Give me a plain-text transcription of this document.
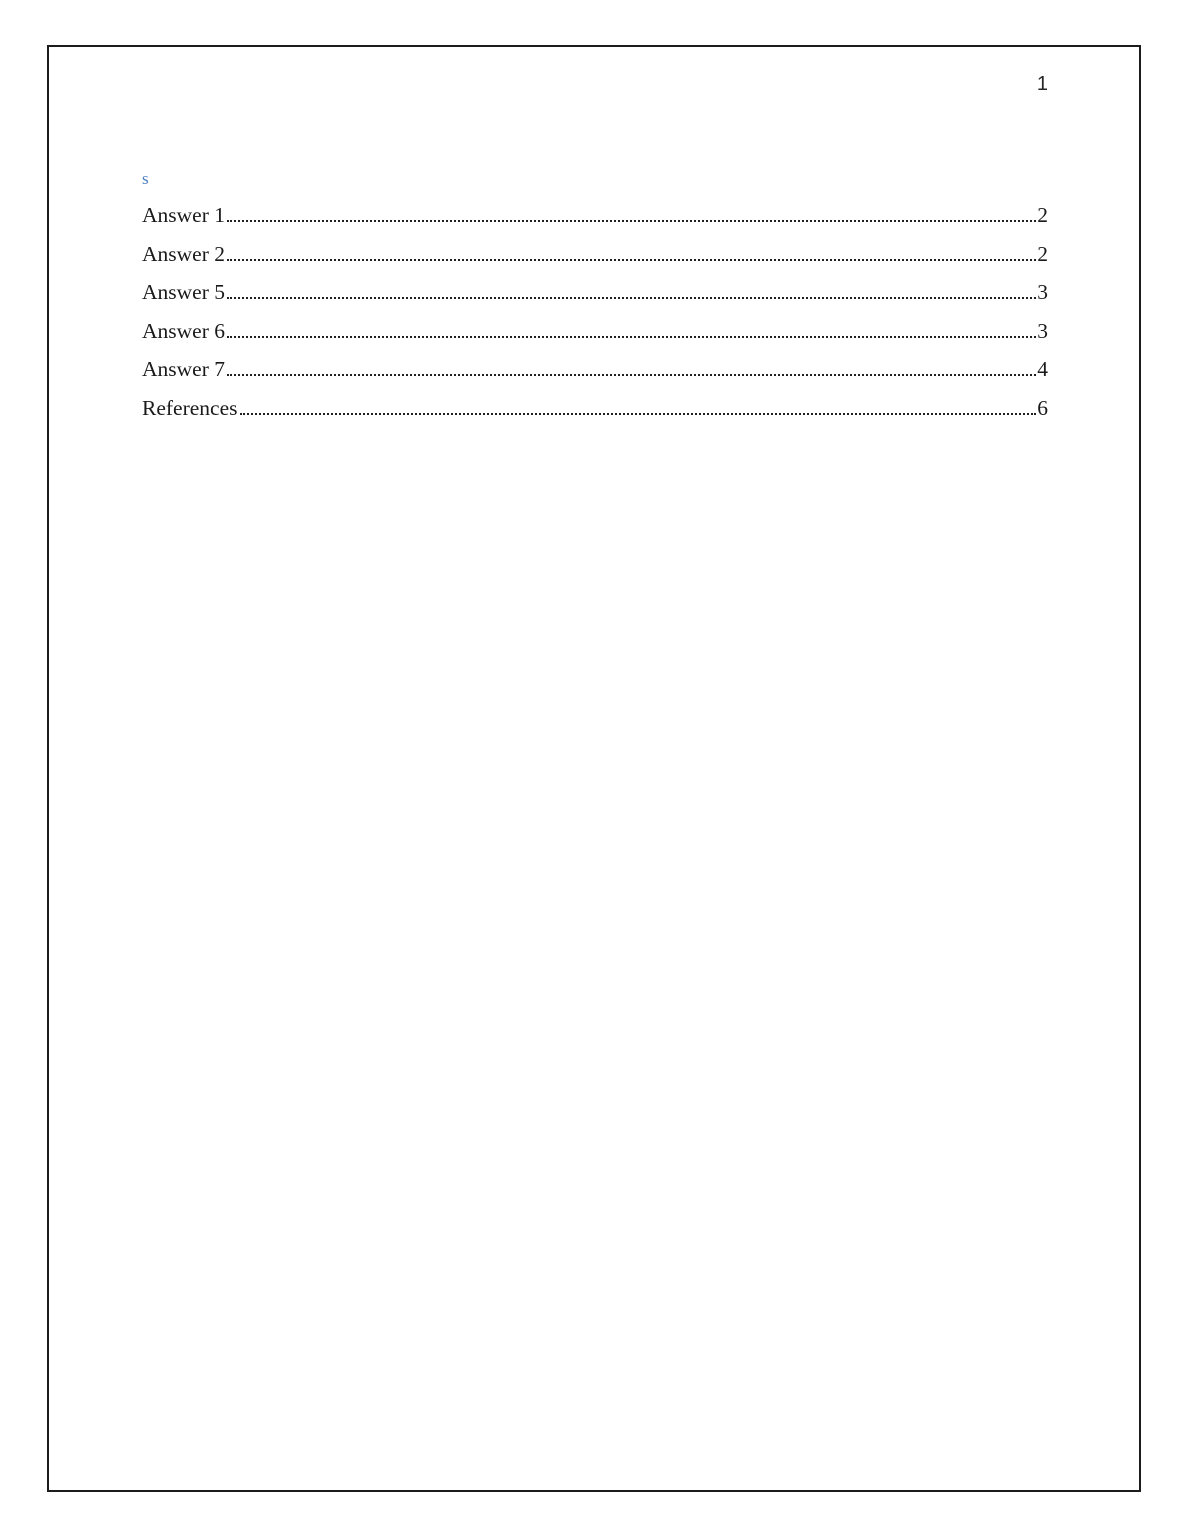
1
s
Answer 1	2
Answer 2	2
Answer 5	3
Answer 6	3
Answer 7	4
References	6
